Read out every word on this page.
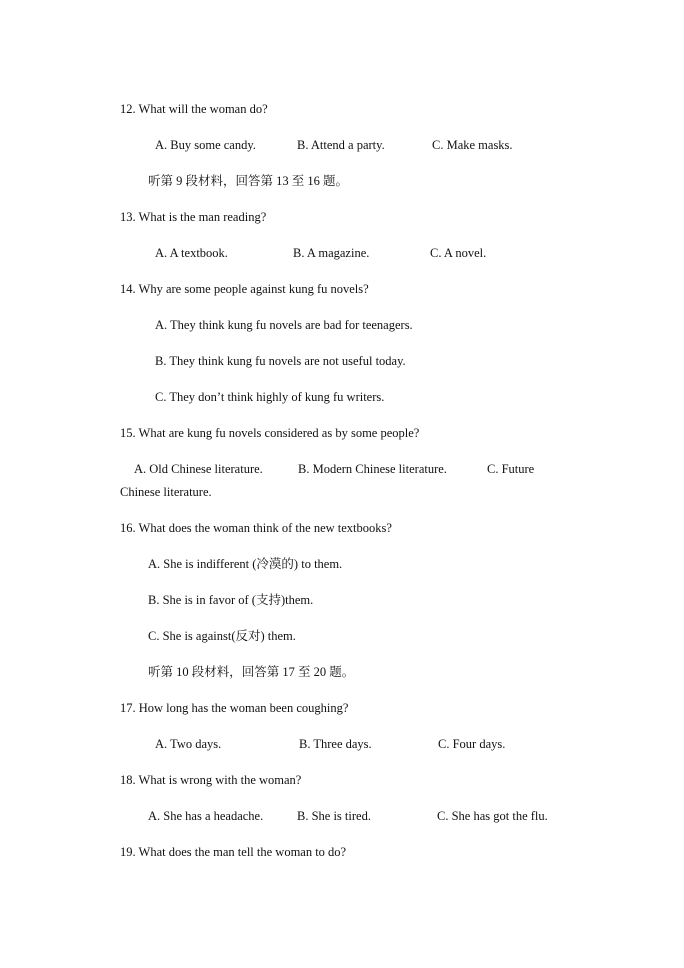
12. What will the woman do?
A. Buy some candy.	B. Attend a party.	C. Make masks.
听第 9 段材料，回答第 13 至 16 题。
13. What is the man reading?
A. A textbook.	B. A magazine.	C. A novel.
14. Why are some people against kung fu novels?
A. They think kung fu novels are bad for teenagers.
B. They think kung fu novels are not useful today.
C. They don’t think highly of kung fu writers.
15. What are kung fu novels considered as by some people?
A. Old Chinese literature.	B. Modern Chinese literature.	C. Future
Chinese literature.
16. What does the woman think of the new textbooks?
A. She is indifferent (冷漠的) to them.
B. She is in favor of (支持)them.
C. She is against(反对) them.
听第 10 段材料，回答第 17 至 20 题。
17. How long has the woman been coughing?
A. Two days.	B. Three days.	C. Four days.
18. What is wrong with the woman?
A. She has a headache.	B. She is tired.	C. She has got the flu.
19. What does the man tell the woman to do?
